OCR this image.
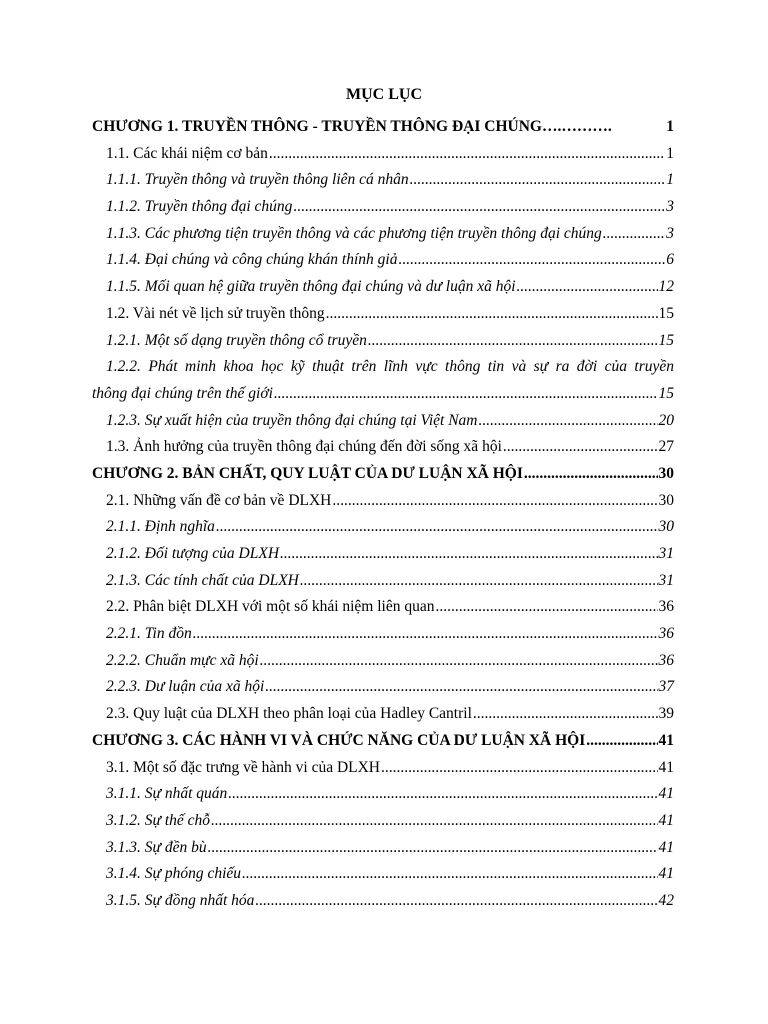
MỤC LỤC
CHƯƠNG 1. TRUYỀN THÔNG - TRUYỀN THÔNG ĐẠI CHÚNG ….……….	1
1.1. Các khái niệm cơ bản .....	1
1.1.1. Truyền thông và truyền thông liên cá nhân .....	1
1.1.2. Truyền thông đại chúng .....	3
1.1.3. Các phương tiện truyền thông và các phương tiện truyền thông đại chúng .....	3
1.1.4. Đại chúng và công chúng khán thính giả .....	6
1.1.5. Mối quan hệ giữa truyền thông đại chúng và dư luận xã hội .....	12
1.2. Vài nét về lịch sử truyền thông .....	15
1.2.1. Một số dạng truyền thông cổ truyền .....	15
1.2.2. Phát minh khoa học kỹ thuật trên lĩnh vực thông tin và sự ra đời của truyền
thông đại chúng trên thế giới .....	15
1.2.3. Sự xuất hiện của truyền thông đại chúng tại Việt Nam .....	20
1.3. Ảnh hưởng của truyền thông đại chúng đến đời sống xã hội .....	27
CHƯƠNG 2. BẢN CHẤT, QUY LUẬT CỦA DƯ LUẬN XÃ HỘI .....	30
2.1. Những vấn đề cơ bản về DLXH .....	30
2.1.1. Định nghĩa .....	30
2.1.2. Đối tượng của DLXH .....	31
2.1.3. Các tính chất của DLXH .....	31
2.2. Phân biệt DLXH với một số khái niệm liên quan .....	36
2.2.1. Tin đồn .....	36
2.2.2. Chuẩn mực xã hội .....	36
2.2.3. Dư luận của xã hội .....	37
2.3. Quy luật của DLXH theo phân loại của Hadley Cantril .....	39
CHƯƠNG 3. CÁC HÀNH VI VÀ CHỨC NĂNG CỦA DƯ LUẬN XÃ HỘI .....	41
3.1. Một số đặc trưng về hành vi của DLXH .....	41
3.1.1. Sự nhất quán .....	41
3.1.2. Sự thế chỗ .....	41
3.1.3. Sự đền bù .....	41
3.1.4. Sự phóng chiếu .....	41
3.1.5. Sự đồng nhất hóa .....	42
